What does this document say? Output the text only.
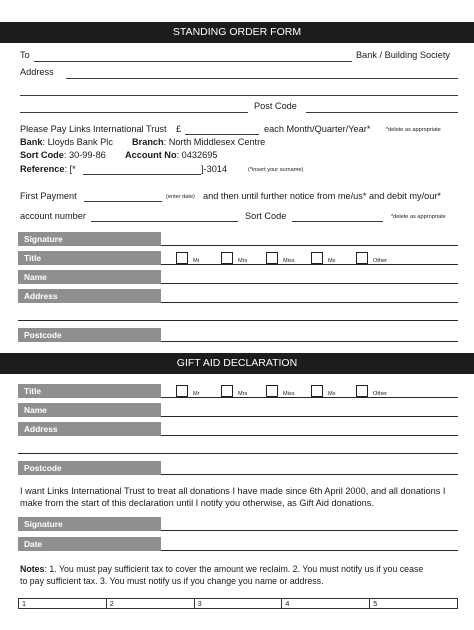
STANDING ORDER FORM
To	Bank / Building Society
Address
Post Code
Please Pay Links International Trust £	each Month/Quarter/Year*	*delete as appropriate
Bank: Lloyds Bank Plc Branch: North Middlesex Centre
Sort Code: 30-99-86 Account No: 0432695
Reference: [*	]-3014	(*insert your surname)
First Payment	(enter date) and then until further notice from me/us* and debit my/our*
account number	Sort Code	*delete as appropriate
Signature
Title	Mr	Mrs	Miss	Ms	Other
Name
Address
Postcode
GIFT AID DECLARATION
Title	Mr	Mrs	Miss	Ms	Other
Name
Address
Postcode
I want Links International Trust to treat all donations I have made since 6th April 2000, and all donations I
make from the start of this declaration until I notify you otherwise, as Gift Aid donations.
Signature
Date
Notes: 1. You must pay sufficient tax to cover the amount we reclaim. 2. You must notify us if you cease
to pay sufficient tax. 3. You must notify us if you change you name or address.
1	2	3	4	5
